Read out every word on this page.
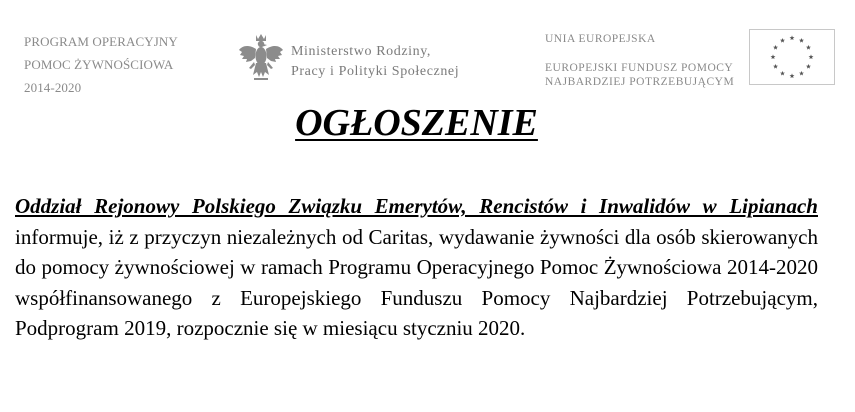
PROGRAM OPERACYJNY
POMOC ŻYWNOŚCIOWA
2014-2020
Ministerstwo Rodziny,
Pracy i Polityki Społecznej
UNIA EUROPEJSKA
EUROPEJSKI FUNDUSZ POMOCY
NAJBARDZIEJ POTRZEBUJĄCYM
OGŁOSZENIE

Oddział Rejonowy Polskiego Związku Emerytów, Rencistów i Inwalidów w Lipianach informuje, iż z przyczyn niezależnych od Caritas, wydawanie żywności dla osób skierowanych do pomocy żywnościowej w ramach Programu Operacyjnego Pomoc Żywnościowa 2014-2020 współfinansowanego z Europejskiego Funduszu Pomocy Najbardziej Potrzebującym, Podprogram 2019, rozpocznie się w miesiącu styczniu 2020.
